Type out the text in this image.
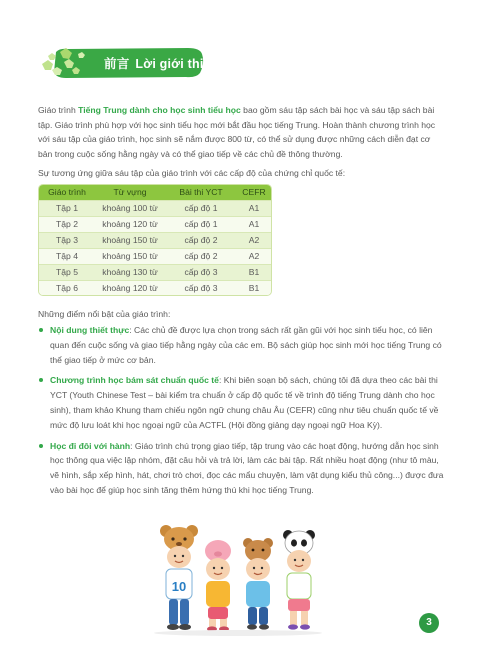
前言 Lời giới thiệu

Giáo trình Tiếng Trung dành cho học sinh tiểu học bao gồm sáu tập sách bài học và sáu tập sách bài tập. Giáo trình phù hợp với học sinh tiểu học mới bắt đầu học tiếng Trung. Hoàn thành chương trình học với sáu tập của giáo trình, học sinh sẽ nắm được 800 từ, có thể sử dụng được những cách diễn đạt cơ bản trong cuộc sống hằng ngày và có thể giao tiếp về các chủ đề thông thường.

Sự tương ứng giữa sáu tập của giáo trình với các cấp độ của chứng chỉ quốc tế:

Giáo trình	Từ vựng	Bài thi YCT	CEFR
Tập 1	khoảng 100 từ	cấp độ 1	A1
Tập 2	khoảng 120 từ	cấp độ 1	A1
Tập 3	khoảng 150 từ	cấp độ 2	A2
Tập 4	khoảng 150 từ	cấp độ 2	A2
Tập 5	khoảng 130 từ	cấp độ 3	B1
Tập 6	khoảng 120 từ	cấp độ 3	B1

Những điểm nổi bật của giáo trình:

Nội dung thiết thực: Các chủ đề được lựa chọn trong sách rất gần gũi với học sinh tiểu học, có liên quan đến cuộc sống và giao tiếp hằng ngày của các em. Bộ sách giúp học sinh mới học tiếng Trung có thể giao tiếp ở mức cơ bản.
Chương trình học bám sát chuẩn quốc tế: Khi biên soạn bộ sách, chúng tôi đã dựa theo các bài thi YCT (Youth Chinese Test – bài kiểm tra chuẩn ở cấp độ quốc tế về trình độ tiếng Trung dành cho học sinh), tham khảo Khung tham chiếu ngôn ngữ chung châu Âu (CEFR) cũng như tiêu chuẩn quốc tế về mức độ lưu loát khi học ngoại ngữ của ACTFL (Hội đồng giảng dạy ngoại ngữ Hoa Kỳ).
Học đi đôi với hành: Giáo trình chú trọng giao tiếp, tập trung vào các hoạt động, hướng dẫn học sinh học thông qua việc lập nhóm, đặt câu hỏi và trả lời, làm các bài tập. Rất nhiều hoạt động (như tô màu, vẽ hình, sắp xếp hình, hát, chơi trò chơi, đọc các mẩu chuyện, làm vật dụng kiểu thủ công...) được đưa vào bài học để giúp học sinh tăng thêm hứng thú khi học tiếng Trung.
10
3
